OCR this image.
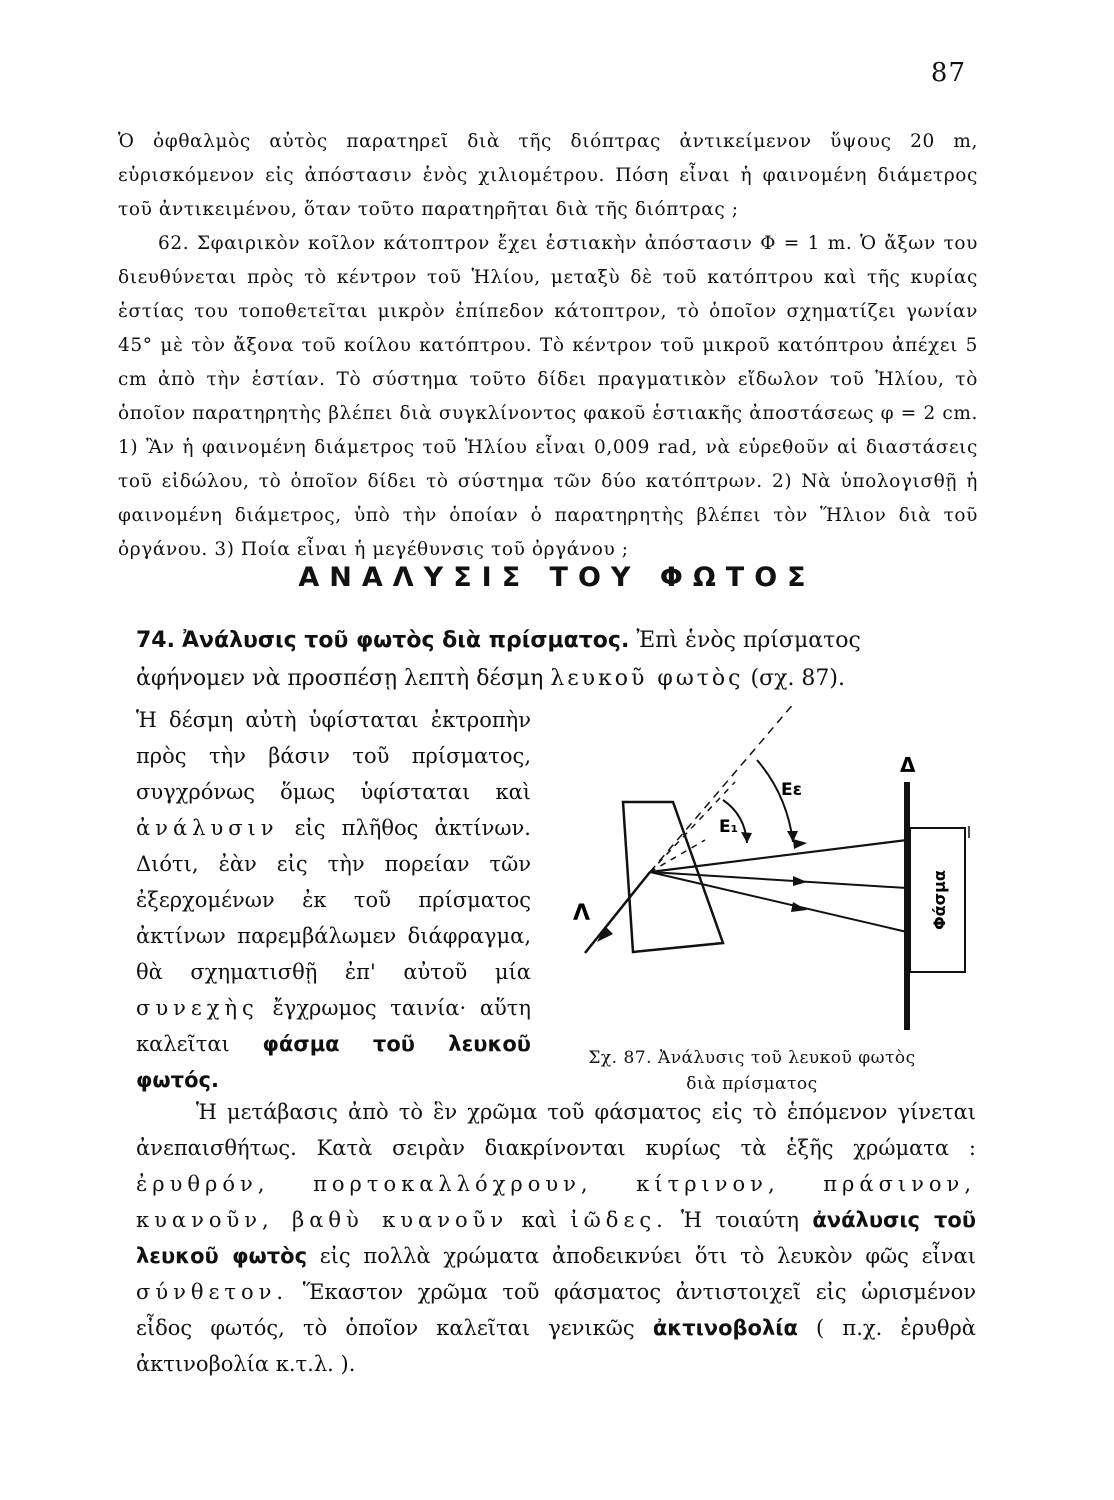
87

Ὁ ὀφθαλμὸς αὐτὸς παρατηρεῖ διὰ τῆς διόπτρας ἀντικείμενον ὕψους 20 m, εὑρισκόμενον εἰς ἀπόστασιν ἑνὸς χιλιομέτρου. Πόση εἶναι ἡ φαινομένη διάμετρος τοῦ ἀντικειμένου, ὅταν τοῦτο παρατηρῆται διὰ τῆς διόπτρας ;

62. Σφαιρικὸν κοῖλον κάτοπτρον ἔχει ἑστιακὴν ἀπόστασιν Φ = 1 m. Ὁ ἄξων του διευθύνεται πρὸς τὸ κέντρον τοῦ Ἡλίου, μεταξὺ δὲ τοῦ κατόπτρου καὶ τῆς κυρίας ἑστίας του τοποθετεῖται μικρὸν ἐπίπεδον κάτοπτρον, τὸ ὁποῖον σχηματίζει γωνίαν 45° μὲ τὸν ἄξονα τοῦ κοίλου κατόπτρου. Τὸ κέντρον τοῦ μικροῦ κατόπτρου ἀπέχει 5 cm ἀπὸ τὴν ἑστίαν. Τὸ σύστημα τοῦτο δίδει πραγματικὸν εἴδωλον τοῦ Ἡλίου, τὸ ὁποῖον παρατηρητὴς βλέπει διὰ συγκλίνοντος φακοῦ ἑστιακῆς ἀποστάσεως φ = 2 cm. 1) Ἂν ἡ φαινομένη διάμετρος τοῦ Ἡλίου εἶναι 0,009 rad, νὰ εὑρεθοῦν αἱ διαστάσεις τοῦ εἰδώλου, τὸ ὁποῖον δίδει τὸ σύστημα τῶν δύο κατόπτρων. 2) Νὰ ὑπολογισθῇ ἡ φαινομένη διάμετρος, ὑπὸ τὴν ὁποίαν ὁ παρατηρητὴς βλέπει τὸν Ἥλιον διὰ τοῦ ὀργάνου. 3) Ποία εἶναι ἡ μεγέθυνσις τοῦ ὀργάνου ;

ΑΝΑΛΥΣΙΣ ΤΟΥ ΦΩΤΟΣ
74. Ἀνάλυσις τοῦ φωτὸς διὰ πρίσματος. Ἐπὶ ἑνὸς πρίσματος ἀφήνομεν νὰ προσπέσῃ λεπτὴ δέσμη λευκοῦ φωτὸς (σχ. 87).

Ἡ δέσμη αὐτὴ ὑφίσταται ἐκτροπὴν πρὸς τὴν βάσιν τοῦ πρίσματος, συγχρόνως ὅμως ὑφίσταται καὶ ἀνάλυσιν εἰς πλῆθος ἀκτίνων. Διότι, ἐὰν εἰς τὴν πορείαν τῶν ἐξερχομένων ἐκ τοῦ πρίσματος ἀκτίνων παρεμβάλωμεν διάφραγμα, θὰ σχηματισθῇ ἐπ' αὐτοῦ μία συνεχὴς ἔγχρωμος ταινία· αὕτη καλεῖται φάσμα τοῦ λευκοῦ φωτός.

Λ
Δ
E₁
Eε
Φάσμα
Σχ. 87. Ἀνάλυσις τοῦ λευκοῦ φωτὸς
διὰ πρίσματος

Ἡ μετάβασις ἀπὸ τὸ ἓν χρῶμα τοῦ φάσματος εἰς τὸ ἑπόμενον γίνεται ἀνεπαισθήτως. Κατὰ σειρὰν διακρίνονται κυρίως τὰ ἑξῆς χρώματα : ἐρυθρόν, πορτοκαλλόχρουν, κίτρινον, πράσινον, κυανοῦν, βαθὺ κυανοῦν καὶ ἰῶδες. Ἡ τοιαύτη ἀνάλυσις τοῦ λευκοῦ φωτὸς εἰς πολλὰ χρώματα ἀποδεικνύει ὅτι τὸ λευκὸν φῶς εἶναι σύνθετον. Ἕκαστον χρῶμα τοῦ φάσματος ἀντιστοιχεῖ εἰς ὡρισμένον εἶδος φωτός, τὸ ὁποῖον καλεῖται γενικῶς ἀκτινοβολία ( π.χ. ἐρυθρὰ ἀκτινοβολία κ.τ.λ. ).
